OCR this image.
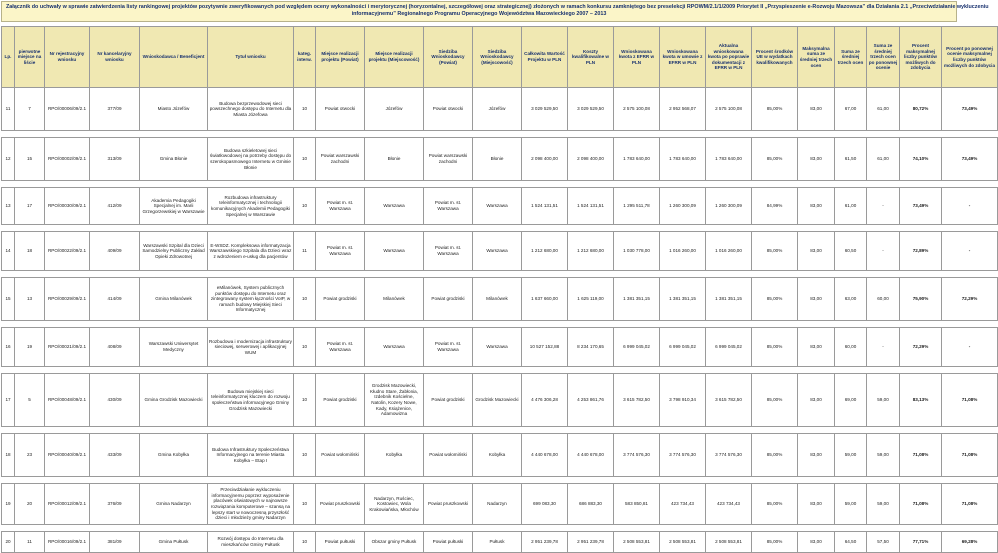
Załącznik do uchwały w sprawie zatwierdzenia listy rankingowej projektów pozytywnie zweryfikowanych pod względem oceny wykonalności i merytorycznej (horyzontalnej, szczegółowej oraz strategicznej) złożonych w ramach konkursu zamkniętego bez preselekcji RPOWM/2.1/1/2009 Priorytet II „Przyspieszenie e-Rozwoju Mazowsza” dla Działania 2.1 „Przeciwdziałanie wykluczeniu
informacyjnemu” Regionalnego Programu Operacyjnego Województwa Mazowieckiego 2007 – 2013
Lp.	pierwotne miejsce na liście	Nr rejestracyjny wniosku	Nr kancelaryjny wniosku	Wnioskodawca / Beneficjent	Tytuł wniosku	kateg. interw.	Miejsce realizacji projektu (Powiat)	Miejsce realizacji projektu (Miejscowość)	Siedziba Wnioskodawcy (Powiat)	Siedziba Wnioskodawcy (Miejscowość)	Całkowita Wartość Projektu w PLN	Koszty kwalifikowalne w PLN	Wnioskowana kwota z EFRR w PLN	Wnioskowana kwota w umowie z EFRR w PLN	Aktualna wnioskowana kwota po poprawie dokumentacji z EFRR w PLN	Procent środków UE w wydatkach kwalifikowanych	Maksymalna suma ze średniej trzech ocen	Suma ze średniej trzech ocen	Suma ze średniej trzech ocen po ponownej ocenie	Procent maksymalnej liczby punktów możliwych do zdobycia	Procent po ponownej ocenie maksymalnej liczby punktów możliwych do zdobycia
11	7	RPO/00006/09/2.1	377/09	Miasto Józefów	Budowa bezprzewodowej sieci powszechnego dostępu do Internetu dla Miasta Józefowa	10	Powiat otwocki	Józefów	Powiat otwocki	Józefów	3 029 529,50	3 029 529,50	2 575 100,08	2 952 568,07	2 575 100,08	85,00%	83,00	67,00	61,00	80,72%	73,49%

12	15	RPO/00002/09/2.1	313/09	Gmina Błonie	Budowa szkieletowej sieci światłowodowej na potrzeby dostępu do szerokopasmowego Internetu w Gminie Błonie	10	Powiat warszawski zachodni	Błonie	Powiat warszawski zachodni	Błonie	2 098 400,00	2 098 400,00	1 783 640,00	1 783 640,00	1 783 640,00	85,00%	83,00	61,50	61,00	74,10%	73,49%

13	17	RPO/00030/09/2.1	412/09	Akademia Pedagogiki Specjalnej im. Marii Grzegorzewskiej w Warszawie	Rozbudowa infrastruktury teleinformatycznej i technologii komunikacyjnych Akademii Pedagogiki Specjalnej w Warszawie	10	Powiat m. st. Warszawa	Warszawa	Powiat m. st. Warszawa	Warszawa	1 524 131,51	1 524 131,51	1 295 511,78	1 260 300,09	1 260 300,09	84,99%	83,00	61,00	-	73,49%	-

14	18	RPO/00022/09/2.1	409/09	Warszawski Szpital dla Dzieci Samodzielny Publiczny Zakład Opieki Zdrowotnej	E-WSDZ. Kompleksowa informatyzacja Warszawskiego Szpitala dla Dzieci wraz z wdrożeniem e-usług dla pacjentów	11	Powiat m. st. Warszawa	Warszawa	Powiat m. st. Warszawa	Warszawa	1 212 680,00	1 212 680,00	1 030 778,00	1 016 260,00	1 016 260,00	85,00%	83,00	60,50	-	72,89%	-

15	13	RPO/00029/09/2.1	414/09	Gmina Milanówek	eMilanówek, System publicznych punktów dostępu do Internetu oraz zintegrowany system łączności VoIP, w ramach budowy Miejskiej Sieci Informatycznej	10	Powiat grodziski	Milanówek	Powiat grodziski	Milanówek	1 637 660,00	1 625 119,00	1 381 351,15	1 381 351,15	1 381 351,15	85,00%	83,00	63,00	60,00	75,90%	72,29%

16	19	RPO/00021/09/2.1	408/09	Warszawski Uniwersytet Medyczny	Rozbudowa i modernizacja infrastruktury sieciowej, serwerowej i aplikacyjnej WUM	10	Powiat m. st. Warszawa	Warszawa	Powiat m. st. Warszawa	Warszawa	10 527 152,88	8 234 170,65	6 999 045,02	6 999 045,02	6 999 045,02	85,00%	83,00	60,00	-	72,29%	-

17	5	RPO/00048/09/2.1	430/09	Gmina Grodzisk Mazowiecki	Budowa miejskiej sieci teleinformatycznej kluczem do rozwoju społeczeństwa informacyjnego Gminy Grodzisk Mazowiecki	10	Powiat grodziski	Grodzisk Mazowiecki, Kłudno Stare, Żabłonia, Izdebnik Kościelne, Natolin, Kozery Nowe, Kady, Książenice, Adamowizna	Powiat grodziski	Grodzisk Mazowiecki	4 476 306,28	4 253 861,76	3 615 782,50	3 798 910,34	3 615 782,50	85,00%	83,00	69,00	59,00	83,13%	71,08%

18	23	RPO/00040/09/2.1	433/09	Gmina Kobyłka	Budowa Infrastruktury Społeczeństwa Informacyjnego na terenie Miasta Kobyłka – Etap I	10	Powiat wołomiński	Kobyłka	Powiat wołomiński	Kobyłka	4 440 678,00	4 440 678,00	3 774 576,30	3 774 576,30	3 774 576,30	85,00%	83,00	59,00	59,00	71,08%	71,08%

19	20	RPO/00012/09/2.1	376/09	Gmina Nadarzyn	Przeciwdziałanie wykluczeniu informacyjnemu poprzez wyposażenie placówek oświatowych w najnowsze rozwiązania komputerowe – szansą na lepszy start w nowoczesną przyszłość dzieci i młodzieży gminy Nadarzyn	10	Powiat pruszkowski	Nadarzyn, Ruściec, Kostowiec, Wola Krakowiańska, Młochów	Powiat pruszkowski	Nadarzyn	699 083,30	686 883,30	583 850,81	423 734,43	423 734,43	85,00%	83,00	59,00	59,00	71,08%	71,08%

20	11	RPO/00016/09/2.1	381/09	Gmina Pułtusk	Rozwój dostępu do Internetu dla mieszkańców Gminy Pułtusk	10	Powiat pułtuski	Obszar gminy Pułtusk	Powiat pułtuski	Pułtusk	2 951 239,78	2 951 239,78	2 508 553,81	2 508 553,81	2 508 553,81	85,00%	83,00	64,50	57,50	77,71%	69,28%
